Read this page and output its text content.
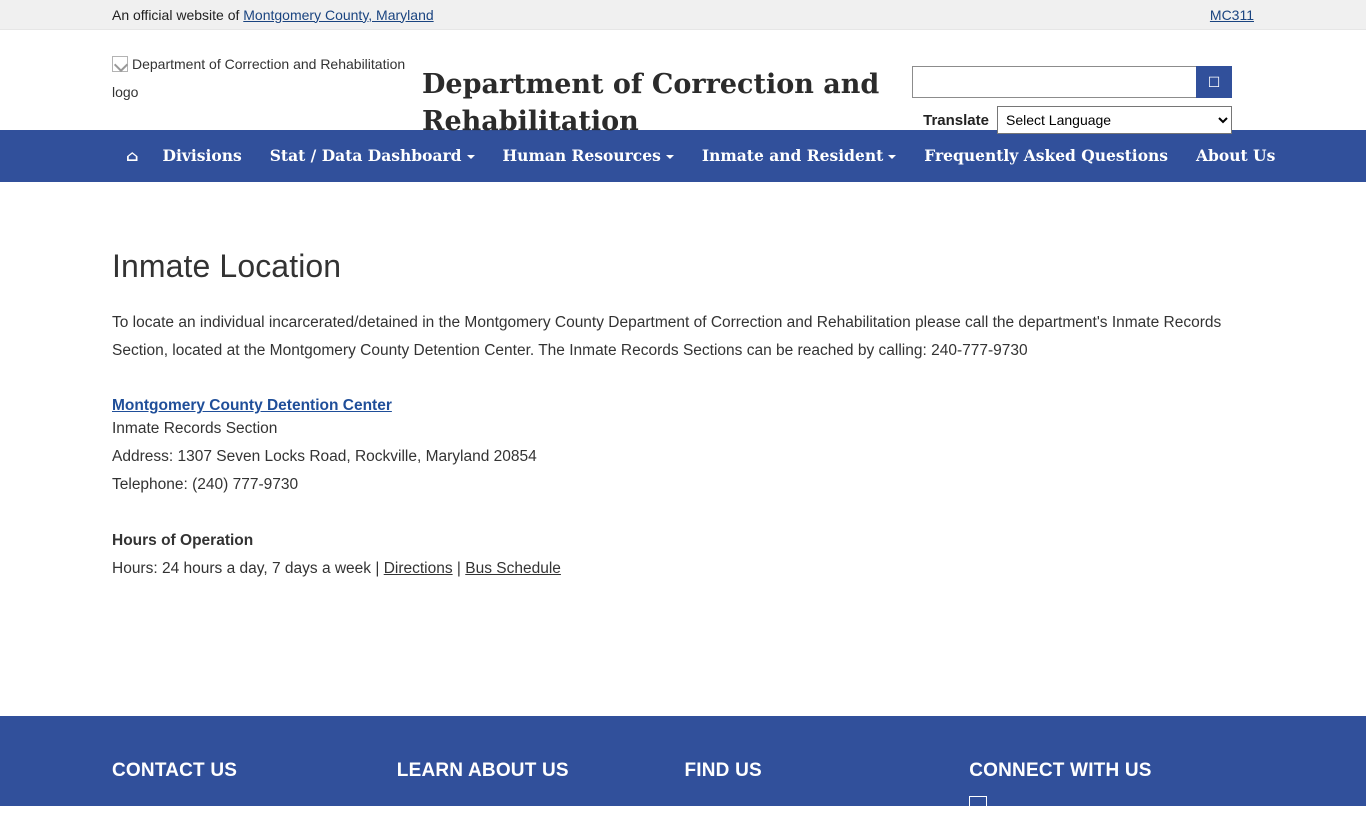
An official website of Montgomery County, Maryland	MC311
Department of Correction and Rehabilitation logo	Department of Correction and Rehabilitation
☐
Translate
Select Language
⌂	Divisions	Stat / Data Dashboard	Human Resources	Inmate and Resident	Frequently Asked Questions	About Us
Inmate Location

To locate an individual incarcerated/detained in the Montgomery County Department of Correction and Rehabilitation please call the department's Inmate Records Section, located at the Montgomery County Detention Center. The Inmate Records Sections can be reached by calling: 240-777-9730

Montgomery County Detention Center
Inmate Records Section
Address: 1307 Seven Locks Road, Rockville, Maryland 20854
Telephone: (240) 777-9730
Hours of Operation
Hours: 24 hours a day, 7 days a week | Directions | Bus Schedule
CONTACT US	LEARN ABOUT US	FIND US	CONNECT WITH US
